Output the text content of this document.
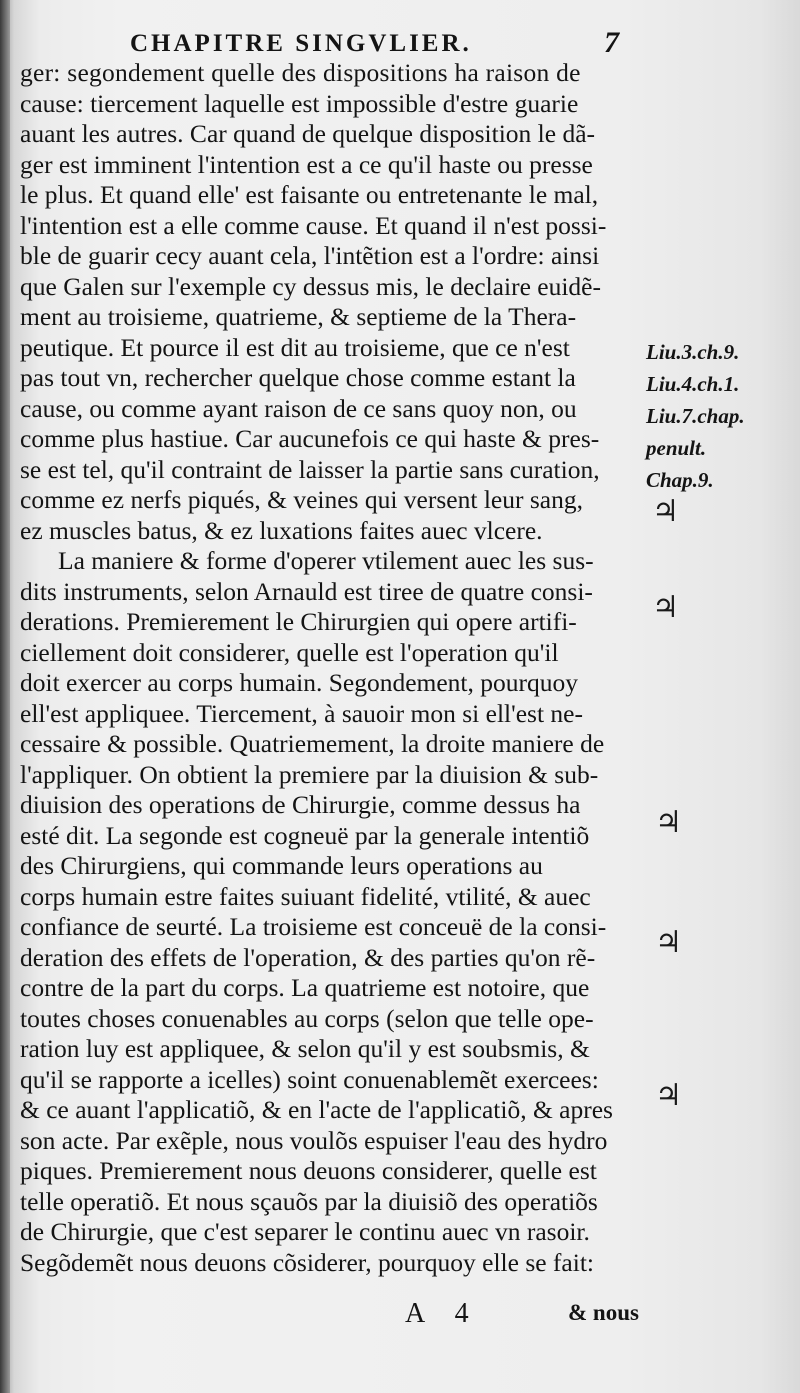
CHAPITRE SINGVLIER.	7
ger: segondement quelle des dispositions ha raison de
cause: tiercement laquelle est impossible d'estre guarie
auant les autres. Car quand de quelque disposition le dã-
ger est imminent l'intention est a ce qu'il haste ou presse
le plus. Et quand elle' est faisante ou entretenante le mal,
l'intention est a elle comme cause. Et quand il n'est possi-
ble de guarir cecy auant cela, l'intẽtion est a l'ordre: ainsi
que Galen sur l'exemple cy dessus mis, le declaire euidẽ-
ment au troisieme, quatrieme, & septieme de la Thera-
peutique. Et pource il est dit au troisieme, que ce n'est
pas tout vn, rechercher quelque chose comme estant la
cause, ou comme ayant raison de ce sans quoy non, ou
comme plus hastiue. Car aucunefois ce qui haste & pres-
se est tel, qu'il contraint de laisser la partie sans curation,
comme ez nerfs piqués, & veines qui versent leur sang,
ez muscles batus, & ez luxations faites auec vlcere.
La maniere & forme d'operer vtilement auec les sus-
dits instruments, selon Arnauld est tiree de quatre consi-
derations. Premierement le Chirurgien qui opere artifi-
ciellement doit considerer, quelle est l'operation qu'il
doit exercer au corps humain. Segondement, pourquoy
ell'est appliquee. Tiercement, à sauoir mon si ell'est ne-
cessaire & possible. Quatriemement, la droite maniere de
l'appliquer. On obtient la premiere par la diuision & sub-
diuision des operations de Chirurgie, comme dessus ha
esté dit. La segonde est cogneuë par la generale intentiõ
des Chirurgiens, qui commande leurs operations au
corps humain estre faites suiuant fidelité, vtilité, & auec
confiance de seurté. La troisieme est conceuë de la consi-
deration des effets de l'operation, & des parties qu'on rẽ-
contre de la part du corps. La quatrieme est notoire, que
toutes choses conuenables au corps (selon que telle ope-
ration luy est appliquee, & selon qu'il y est soubsmis, &
qu'il se rapporte a icelles) soint conuenablemẽt exercees:
& ce auant l'applicatiõ, & en l'acte de l'applicatiõ, & apres
son acte. Par exẽple, nous voulõs espuiser l'eau des hydro
piques. Premierement nous deuons considerer, quelle est
telle operatiõ. Et nous sçauõs par la diuisiõ des operatiõs
de Chirurgie, que c'est separer le continu auec vn rasoir.
Segõdemẽt nous deuons cõsiderer, pourquoy elle se fait:
Liu.3.ch.9.
Liu.4.ch.1.
Liu.7.chap.
penult.
Chap.9.
♃
♃
♃
♃
♃
A 4	& nous
